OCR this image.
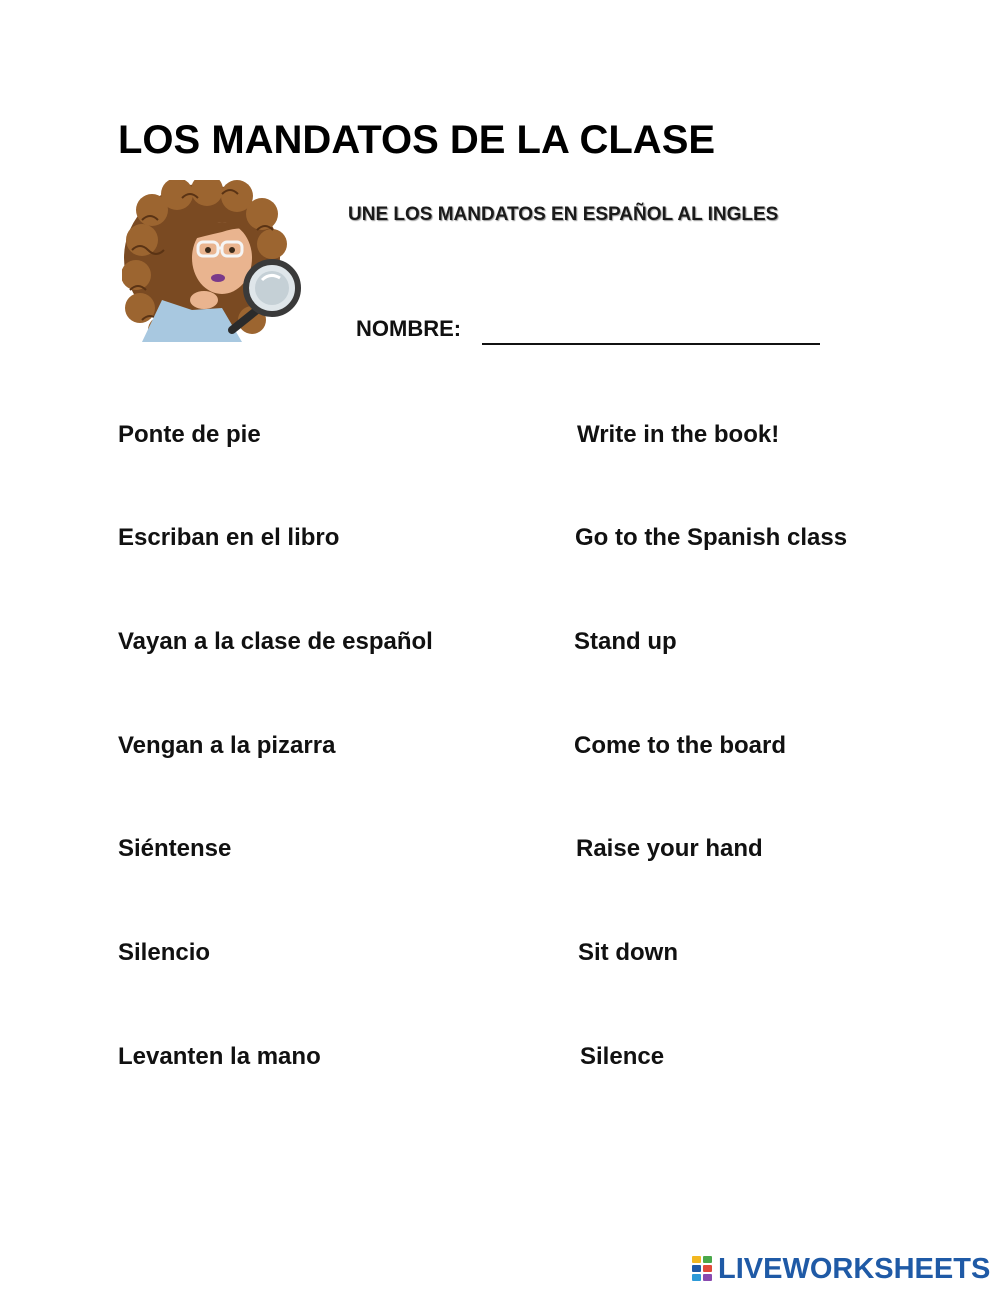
LOS MANDATOS DE LA CLASE
UNE LOS MANDATOS EN ESPAÑOL AL INGLES
NOMBRE:
Ponte de pie
Escriban en el libro
Vayan a la clase de español
Vengan a la pizarra
Siéntense
Silencio
Levanten la mano
Write in the book!
Go to the Spanish class
Stand up
Come to the board
Raise your hand
Sit down
Silence
LIVEWORKSHEETS
